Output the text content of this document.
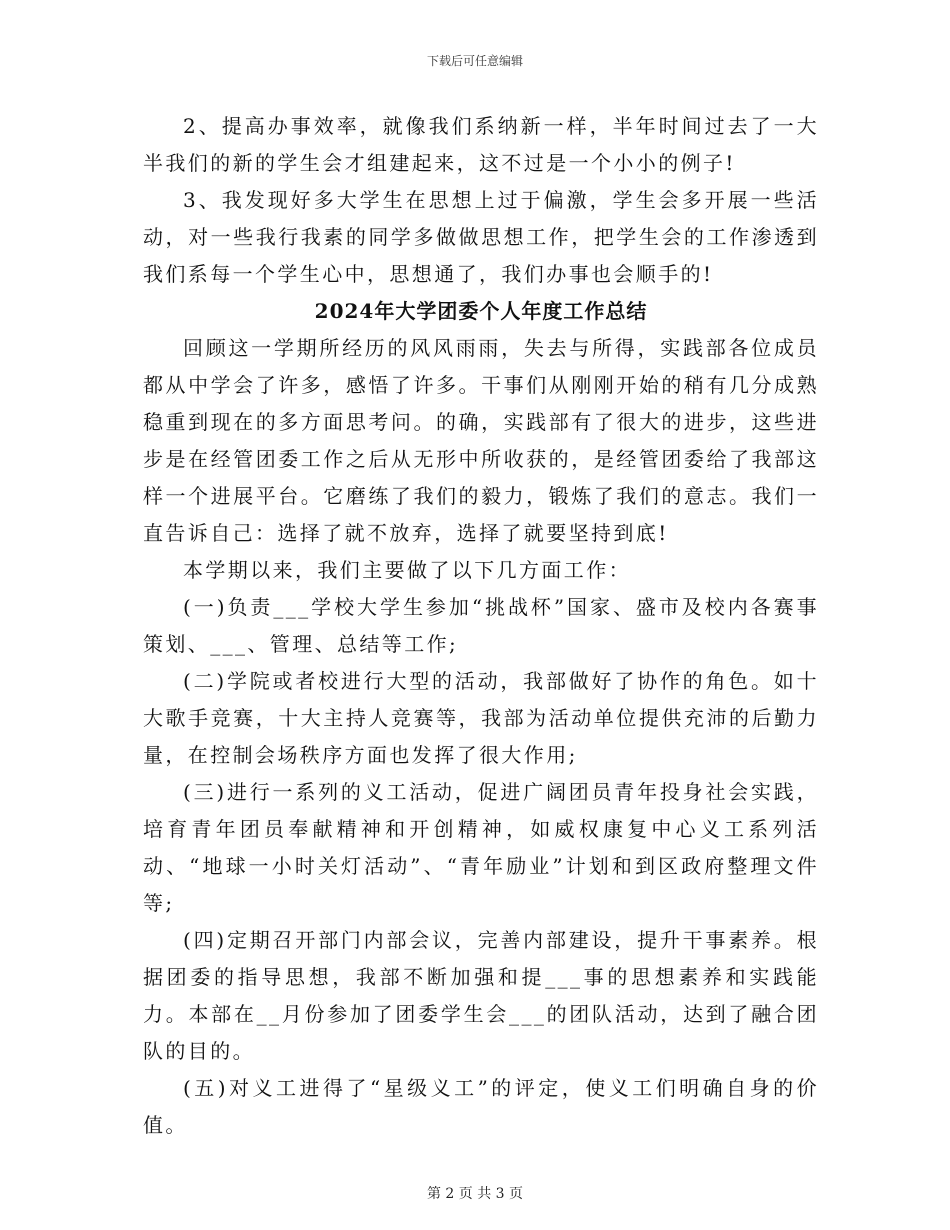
下载后可任意编辑

2、提高办事效率，就像我们系纳新一样，半年时间过去了一大半我们的新的学生会才组建起来，这不过是一个小小的例子!

3、我发现好多大学生在思想上过于偏激，学生会多开展一些活动，对一些我行我素的同学多做做思想工作，把学生会的工作渗透到我们系每一个学生心中，思想通了，我们办事也会顺手的!

2024年大学团委个人年度工作总结

回顾这一学期所经历的风风雨雨，失去与所得，实践部各位成员都从中学会了许多，感悟了许多。干事们从刚刚开始的稍有几分成熟稳重到现在的多方面思考问。的确，实践部有了很大的进步，这些进步是在经管团委工作之后从无形中所收获的，是经管团委给了我部这样一个进展平台。它磨练了我们的毅力，锻炼了我们的意志。我们一直告诉自己：选择了就不放弃，选择了就要坚持到底!

本学期以来，我们主要做了以下几方面工作：

(一)负责___学校大学生参加“挑战杯”国家、盛市及校内各赛事策划、___、管理、总结等工作;

(二)学院或者校进行大型的活动，我部做好了协作的角色。如十大歌手竞赛，十大主持人竞赛等，我部为活动单位提供充沛的后勤力量，在控制会场秩序方面也发挥了很大作用;

(三)进行一系列的义工活动，促进广阔团员青年投身社会实践，培育青年团员奉献精神和开创精神，如威权康复中心义工系列活动、“地球一小时关灯活动”、“青年励业”计划和到区政府整理文件等;

(四)定期召开部门内部会议，完善内部建设，提升干事素养。根据团委的指导思想，我部不断加强和提___事的思想素养和实践能力。本部在__月份参加了团委学生会___的团队活动，达到了融合团队的目的。

(五)对义工进得了“星级义工”的评定，使义工们明确自身的价值。

第 2 页 共 3 页
